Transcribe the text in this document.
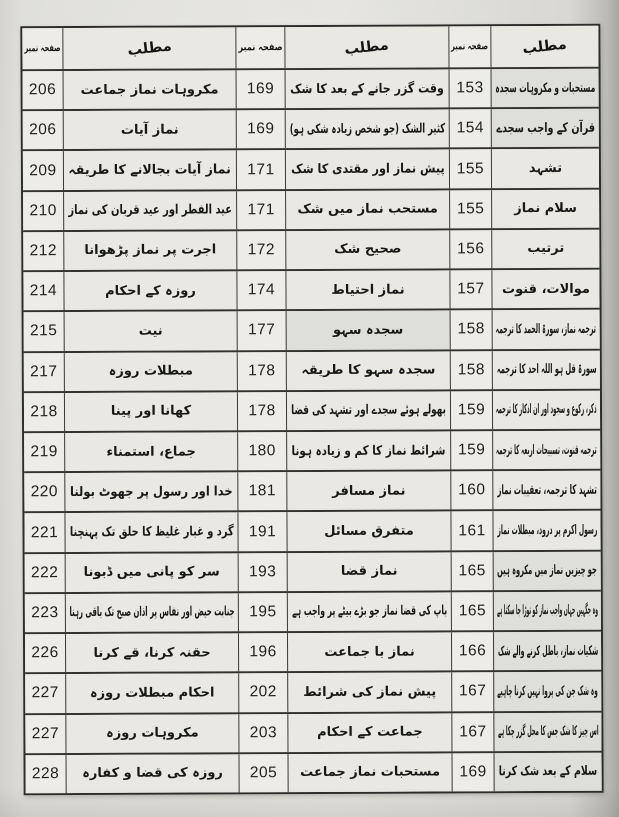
صفحہ نمبر	مطلب	صفحہ نمبر	مطلب	صفحہ نمبر مطلب
206 مکروہات نماز جماعت 169 وقت گزر جانے کے بعد کا شک 153 مستحبات و مکروہات سجدہ
206	نماز آیات	169 کثیر الشک (جو شخص زیادہ شکی ہو) 154 قرآن کے واجب سجدے
209 نماز آیات بجالانے کا طریقہ 171 پیش نماز اور مقتدی کا شک 155	تشہد
210 عید الفطر اور عید قربان کی نماز 171 مستحب نماز میں شک 155 سلام نماز
212 اجرت پر نماز پڑھوانا 172	صحیح شک	156	ترتیب
214	روزہ کے احکام	174	نماز احتیاط	157 موالات، قنوت
215	نیت	177	سجدہ سہو	158 ترجمہ نماز، سورۃ الحمد کا ترجمہ
217	مبطلات روزہ	178 سجدہ سہو کا طریقہ 158 سورۃ قل ہو اللہ احد کا ترجمہ
218	کھانا اور پینا	178 بھولے ہوئے سجدے اور تشہد کی قضا 159 ذکر، رکوع و سجود اور ان اذکار کا ترجمہ
219	جماع، استمناء	180 شرائط نماز کا کم و زیادہ ہونا 159 ترجمہ قنوت، تسبیحات اربعہ کا ترجمہ
220 خدا اور رسول پر جھوٹ بولنا 181	نماز مسافر	160 تشہد کا ترجمہ، تعقیبات نماز
221 گرد و غبار غلیظ کا حلق تک پہنچنا 191	متفرق مسائل	161 رسول اکرم پر درود، مبطلات نماز
222 سر کو پانی میں ڈبونا 193	نماز قضا	165 جو چیزیں نماز میں مکروہ ہیں
223 جنابت حیض اور نفاس پر اذان صبح تک باقی رہنا 195 باپ کی قضا نماز جو بڑے بیٹے پر واجب ہے 165 وہ جگہیں جہاں واجب نماز کو توڑا جا سکتا ہے
226	حقنہ کرنا، قے کرنا 196	نماز با جماعت	166 شکیات نماز، باطل کرنے والے شک
227 احکام مبطلات روزہ 202 پیش نماز کی شرائط 167 وہ شک جن کی پروا نہیں کرنا چاہیے
227	مکروہات روزہ	203	جماعت کے احکام 167 اس چیز کا شک جس کا محل گزر چکا ہے
228 روزہ کی قضا و کفارہ 205 مستحبات نماز جماعت 169 سلام کے بعد شک کرنا
